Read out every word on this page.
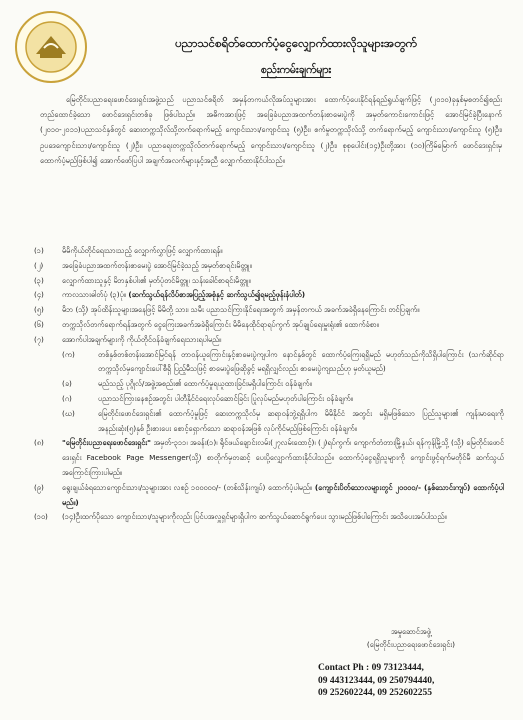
ပညာသင်စရိတ်ထောက်ပံ့ငွေလျှောက်ထားလိုသူများအတွက်
စည်းကမ်းချက်များ
မြေတိုင်းပညာရေးဖောင်ဒေးရှင်းအဖွဲ့သည် ပညာသင်စရိတ် အမှန်တကယ်လိုအပ်သူများအား ထောက်ပံ့ပေးနိုင်ရန်ရည်ရွယ်ချက်ဖြင့် (၂၀၁၀)ခုနှစ်မှစတင်၍စည်းတည်ထောင်ခဲ့သော ဖောင်ဒေးရှင်းတစ်ခု ဖြစ်ပါသည်။ အဓိကအားဖြင့် အခြေခံပညာအထက်တန်းစာမေးပွဲကို အမှတ်ကောင်းကောင်းဖြင့် အောင်မြင်ခဲ့ပြီးနောက် (၂၀၁၀-၂၀၁၁)ပညာသင်နှစ်တွင် ဆေးတက္ကသိုလ်သို့တက်ရောက်မည့် ကျောင်းသား/ကျောင်းသူ (၅)ဦး၊ စက်မှုတက္ကသိုလ်သို့ တက်ရောက်မည့် ကျောင်းသား/ကျောင်းသူ (၅)ဦး၊ ဥပဒေကျောင်းသား/ကျောင်းသူ (၂)ဦး၊ ပညာရေးတက္ကသိုလ်တက်ရောက်မည့် ကျောင်းသား/ကျောင်းသူ (၂)ဦး၊ စုစုပေါင်း(၁၄)ဦးတို့အား (၁၀)ကြိမ်မြောက် ဖောင်ဒေးရှင်းမှ ထောက်ပံ့မည်ဖြစ်ပါ၍ အောက်ဖော်ပြပါ အချက်အလက်များနှင့်အညီ လျှောက်ထားနိုင်ပါသည်။
(၁)	မိမိကိုယ်တိုင်ရေးသားသည့် လျှောက်လွှာဖြင့် လျှောက်ထားရန်။
(၂)	အခြေခံပညာအထက်တန်းစာမေးပွဲ အောင်မြင်ခဲ့သည့် အမှတ်စာရင်းမိတ္တူ။
(၃)	လျှောက်ထားသူနှင့် မိဘနှစ်ပါး၏ မှတ်ပုံတင်မိတ္တူ၊ သန်းခေါင်စာရင်းမိတ္တူ။
(၄)	ကာလသားဓါတ်ပုံ (၃)ပုံ။ (ဆက်သွယ်ရန်လိပ်စာအပြည့်အစုံနှင့် ဆက်သွယ်၍ရမည့်ဖုန်းနံပါတ်)
(၅)	မိဘ (သို့) အုပ်ထိန်းသူများအနေဖြင့် မိမိတို့ သား၊ သမီး ပညာသင်ကြားနိုင်ရေးအတွက် အမှန်တကယ် အခက်အခဲရှိနေကြောင်း တင်ပြချက်။
(၆)	တက္ကသိုလ်တက်ရောက်ရန်အတွက် ငွေကြေးအခက်အခဲရှိကြောင်း မိမိနေထိုင်ရာရပ်ကွက် အုပ်ချုပ်ရေးမှူးရုံး၏ ထောက်ခံစာ။
(၇)	အောက်ပါအချက်များကို ကိုယ်တိုင်ဝန်ခံချက်ရေးသားရပါမည်။
(က)	တစ်နှစ်တစ်တန်းအောင်မြင်ရန် တာဝန်ယူကြောင်းနှင့်စာမေးပွဲကျပါက နောင်နှစ်တွင် ထောက်ပံ့ကြေးရရှိမည် မဟုတ်သည်ကိုသိရှိပါကြောင်း (သက်ဆိုင်ရာတက္ကသိုလ်မှကျောင်းပေါ်စီရှိ ပြည့်မီသဖြင့် စာမေးပွဲဖြေဆိုခွင့် မရရှိလျှင်လည်း စာမေးပွဲကျသည်ဟု မှတ်ယူမည်)
(ခ)	မည်သည့် ပုဂ္ဂိုလ်/အဖွဲ့အစည်း၏ ထောက်ပံ့မှုရယူထားခြင်းမရှိပါကြောင်း ဝန်ခံချက်။
(ဂ)	ပညာသင်ကြားနေစဉ်အတွင်း ပါတီနိုင်ငံရေးလုပ်ဆောင်ခြင်း ပြုလုပ်မည်မဟုတ်ပါကြောင်း ဝန်ခံချက်။
(ဃ)	မြေတိုင်းဖောင်ဒေးရှင်း၏ ထောက်ပံ့မှုဖြင့် ဆေးတက္ကသိုလ်မှ ဆရာဝန်ဘွဲ့ရရှိပါက မိမိနိုင်ငံ အတွင်း မရှိမဖြစ်သော ပြည်သူများ၏ ကျန်းမာရေးကို အနည်းဆုံး(၅)နှစ် ဦးစားပေး စောင့်ရှောက်သော ဆရာဝန်အဖြစ် လုပ်ကိုင်မည်ဖြစ်ကြောင်း ဝန်ခံချက်။
(၈)	"မြေတိုင်းပညာရေးဖောင်ဒေးရှင်း" အမှတ်-၃၁၁၊ အခန်း(၁)၊ ရိုင်ဖယ်ချောင်းလမ်း(၂၇လမ်းထောင့်)၊ (၂)ရပ်ကွက်၊ ကျောက်တံတားမြို့နယ်၊ ရန်ကုန်မြို့သို့ (သို့) မြေတိုင်းဖောင်ဒေးရှင်း Facebook Page Messenger(သို့) စာတိုက်မှတဆင့် ပေးပို့လျှောက်ထားနိုင်ပါသည်။ ထောက်ပံ့ငွေရရှိသူများကို ကျောင်းဖွင့်ရက်မတိုင်မီ ဆက်သွယ်အကြောင်းကြားပါမည်။
(၉)	ရွေးချယ်ခံရသောကျောင်းသား/သူများအား လစဉ် ၁၀၀၀၀၀/- (တစ်သိန်းကျပ်) ထောက်ပံ့ပါမည်။ (ကျောင်းပိတ်သောလများတွင် ၂၀၀၀၀/- (နှစ်သောင်းကျပ်) ထောက်ပံ့ပါမည်။)
(၁၀)	(၁၄)ဦးထက်ပိုသော ကျောင်းသား/သူများကိုလည်း ပြင်ပအလှူရှင်များရှိပါက ဆက်သွယ်ဆောင်ရွက်ပေး သွားမည်ဖြစ်ပါကြောင်း အသိပေးအပ်ပါသည်။
အမှုဆောင်အဖွဲ့
(မြေတိုင်းပညာရေးဖောင်ဒေးရှင်း)
Contact Ph : 09 73123444,
09 443123444, 09 250794440,
09 252602244, 09 252602255
